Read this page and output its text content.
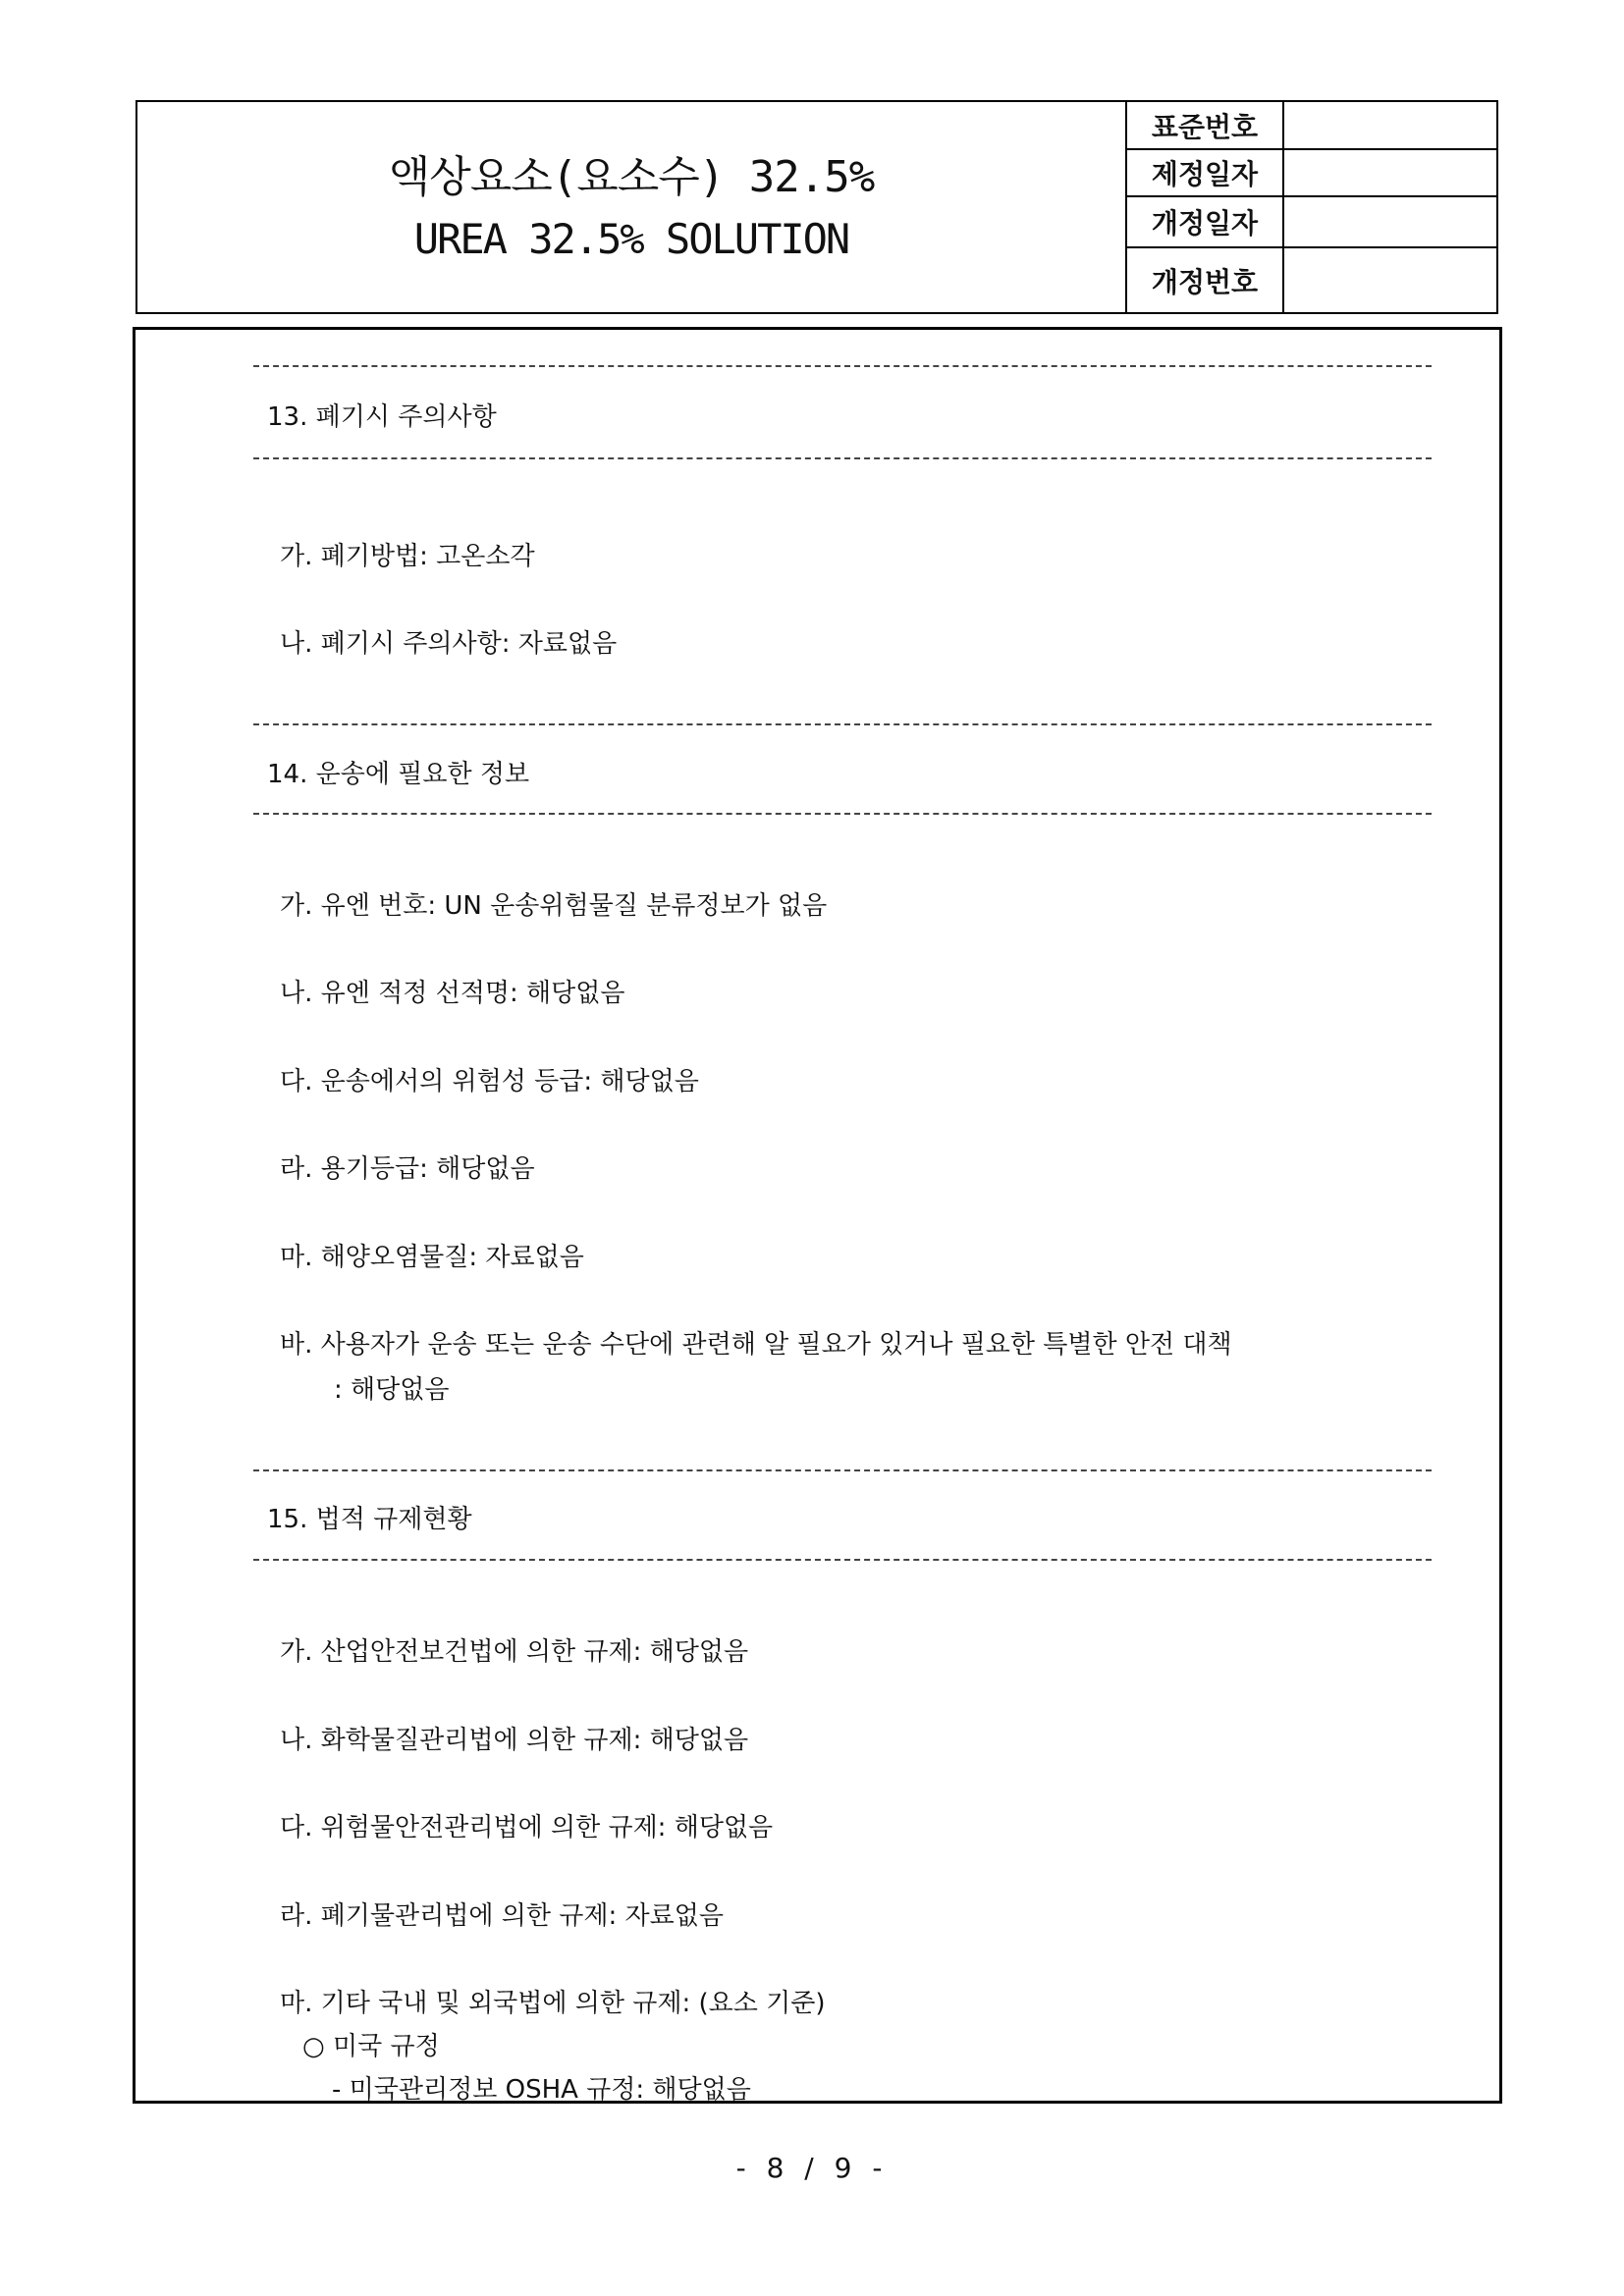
액상요소(요소수) 32.5%
UREA 32.5% SOLUTION
표준번호	
제정일자	
개정일자	
개정번호	
13. 폐기시 주의사항
가. 폐기방법: 고온소각
나. 폐기시 주의사항: 자료없음
14. 운송에 필요한 정보
가. 유엔 번호: UN 운송위험물질 분류정보가 없음
나. 유엔 적정 선적명: 해당없음
다. 운송에서의 위험성 등급: 해당없음
라. 용기등급: 해당없음
마. 해양오염물질: 자료없음
바. 사용자가 운송 또는 운송 수단에 관련해 알 필요가 있거나 필요한 특별한 안전 대책
: 해당없음
15. 법적 규제현황
가. 산업안전보건법에 의한 규제: 해당없음
나. 화학물질관리법에 의한 규제: 해당없음
다. 위험물안전관리법에 의한 규제: 해당없음
라. 폐기물관리법에 의한 규제: 자료없음
마. 기타 국내 및 외국법에 의한 규제: (요소 기준)
○ 미국 규정
- 미국관리정보 OSHA 규정: 해당없음
- 8 / 9 -
